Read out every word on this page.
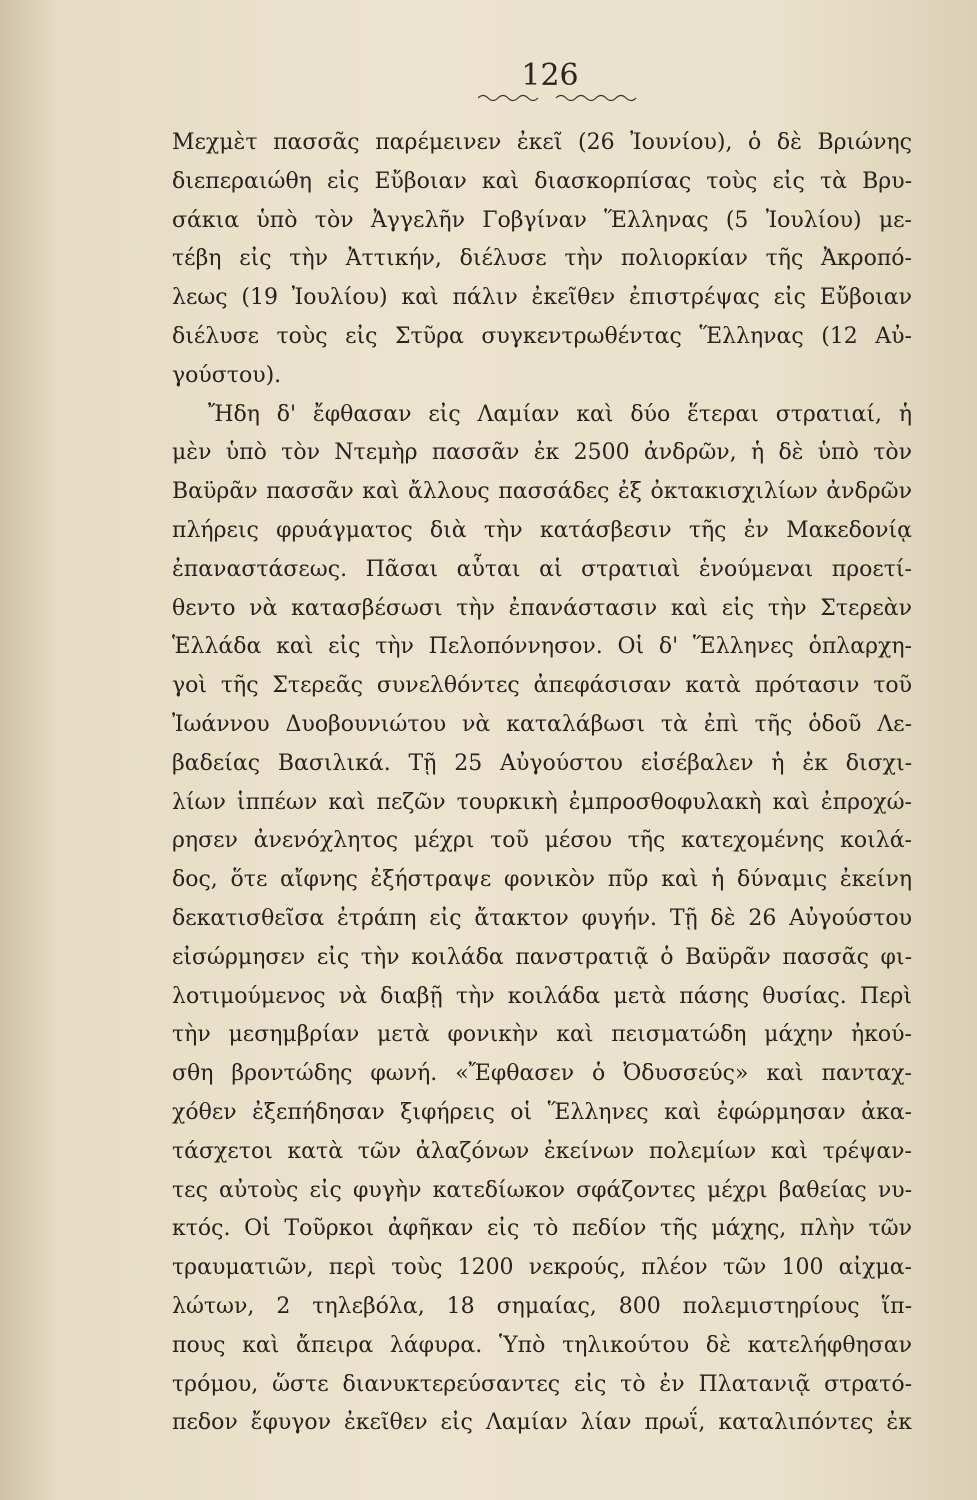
126
Μεχμὲτ πασσᾶς παρέμεινεν ἐκεῖ (26 Ἰουνίου), ὁ δὲ Βριώνης
διεπεραιώθη εἰς Εὔβοιαν καὶ διασκορπίσας τοὺς εἰς τὰ Βρυ-
σάκια ὑπὸ τὸν Ἀγγελῆν Γοβγίναν Ἕλληνας (5 Ἰουλίου) με-
τέβη εἰς τὴν Ἀττικήν, διέλυσε τὴν πολιορκίαν τῆς Ἀκροπό-
λεως (19 Ἰουλίου) καὶ πάλιν ἐκεῖθεν ἐπιστρέψας εἰς Εὔβοιαν
διέλυσε τοὺς εἰς Στῦρα συγκεντρωθέντας Ἕλληνας (12 Αὐ-
γούστου).
Ἤδη δ' ἔφθασαν εἰς Λαμίαν καὶ δύο ἕτεραι στρατιαί, ἡ
μὲν ὑπὸ τὸν Ντεμὴρ πασσᾶν ἐκ 2500 ἀνδρῶν, ἡ δὲ ὑπὸ τὸν
Βαϋρᾶν πασσᾶν καὶ ἄλλους πασσάδες ἐξ ὀκτακισχιλίων ἀνδρῶν
πλήρεις φρυάγματος διὰ τὴν κατάσβεσιν τῆς ἐν Μακεδονίᾳ
ἐπαναστάσεως. Πᾶσαι αὗται αἱ στρατιαὶ ἑνούμεναι προετί-
θεντο νὰ κατασβέσωσι τὴν ἐπανάστασιν καὶ εἰς τὴν Στερεὰν
Ἑλλάδα καὶ εἰς τὴν Πελοπόννησον. Οἱ δ' Ἕλληνες ὁπλαρχη-
γοὶ τῆς Στερεᾶς συνελθόντες ἀπεφάσισαν κατὰ πρότασιν τοῦ
Ἰωάννου Δυοβουνιώτου νὰ καταλάβωσι τὰ ἐπὶ τῆς ὁδοῦ Λε-
βαδείας Βασιλικά. Τῇ 25 Αὐγούστου εἰσέβαλεν ἡ ἐκ δισχι-
λίων ἱππέων καὶ πεζῶν τουρκικὴ ἐμπροσθοφυλακὴ καὶ ἐπροχώ-
ρησεν ἀνενόχλητος μέχρι τοῦ μέσου τῆς κατεχομένης κοιλά-
δος, ὅτε αἴφνης ἐξήστραψε φονικὸν πῦρ καὶ ἡ δύναμις ἐκείνη
δεκατισθεῖσα ἐτράπη εἰς ἄτακτον φυγήν. Τῇ δὲ 26 Αὐγούστου
εἰσώρμησεν εἰς τὴν κοιλάδα πανστρατιᾷ ὁ Βαϋρᾶν πασσᾶς φι-
λοτιμούμενος νὰ διαβῇ τὴν κοιλάδα μετὰ πάσης θυσίας. Περὶ
τὴν μεσημβρίαν μετὰ φονικὴν καὶ πεισματώδη μάχην ἠκού-
σθη βροντώδης φωνή. «Ἔφθασεν ὁ Ὀδυσσεύς» καὶ πανταχ-
χόθεν ἐξεπήδησαν ξιφήρεις οἱ Ἕλληνες καὶ ἐφώρμησαν ἀκα-
τάσχετοι κατὰ τῶν ἀλαζόνων ἐκείνων πολεμίων καὶ τρέψαν-
τες αὐτοὺς εἰς φυγὴν κατεδίωκον σφάζοντες μέχρι βαθείας νυ-
κτός. Οἱ Τοῦρκοι ἀφῆκαν εἰς τὸ πεδίον τῆς μάχης, πλὴν τῶν
τραυματιῶν, περὶ τοὺς 1200 νεκρούς, πλέον τῶν 100 αἰχμα-
λώτων, 2 τηλεβόλα, 18 σημαίας, 800 πολεμιστηρίους ἵπ-
πους καὶ ἄπειρα λάφυρα. Ὑπὸ τηλικούτου δὲ κατελήφθησαν
τρόμου, ὥστε διανυκτερεύσαντες εἰς τὸ ἐν Πλατανιᾷ στρατό-
πεδον ἔφυγον ἐκεῖθεν εἰς Λαμίαν λίαν πρωΐ, καταλιπόντες ἐκ
